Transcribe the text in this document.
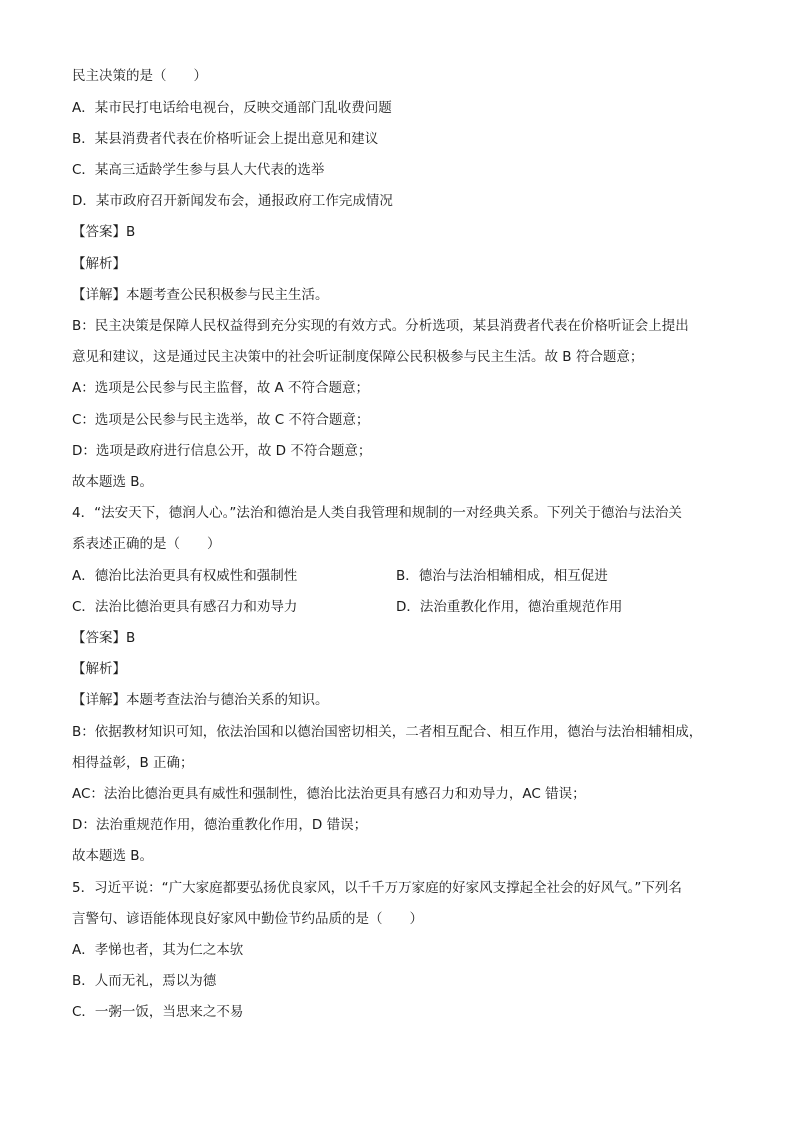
民主决策的是（　　）
A．某市民打电话给电视台，反映交通部门乱收费问题
B．某县消费者代表在价格听证会上提出意见和建议
C．某高三适龄学生参与县人大代表的选举
D．某市政府召开新闻发布会，通报政府工作完成情况
【答案】B
【解析】
【详解】本题考查公民积极参与民主生活。
B：民主决策是保障人民权益得到充分实现的有效方式。分析选项，某县消费者代表在价格听证会上提出
意见和建议，这是通过民主决策中的社会听证制度保障公民积极参与民主生活。故 B 符合题意；
A：选项是公民参与民主监督，故 A 不符合题意；
C：选项是公民参与民主选举，故 C 不符合题意；
D：选项是政府进行信息公开，故 D 不符合题意；
故本题选 B。
4．“法安天下，德润人心。”法治和德治是人类自我管理和规制的一对经典关系。下列关于德治与法治关
系表述正确的是（　　）
A．德治比法治更具有权威性和强制性	B．德治与法治相辅相成，相互促进
C．法治比德治更具有感召力和劝导力	D．法治重教化作用，德治重规范作用
【答案】B
【解析】
【详解】本题考查法治与德治关系的知识。
B：依据教材知识可知，依法治国和以德治国密切相关，二者相互配合、相互作用，德治与法治相辅相成，
相得益彰，B 正确；
AC：法治比德治更具有威性和强制性，德治比法治更具有感召力和劝导力，AC 错误；
D：法治重规范作用，德治重教化作用，D 错误；
故本题选 B。
5．习近平说：“广大家庭都要弘扬优良家风，以千千万万家庭的好家风支撑起全社会的好风气。”下列名
言警句、谚语能体现良好家风中勤俭节约品质的是（　　）
A．孝悌也者，其为仁之本欤
B．人而无礼，焉以为德
C．一粥一饭，当思来之不易
